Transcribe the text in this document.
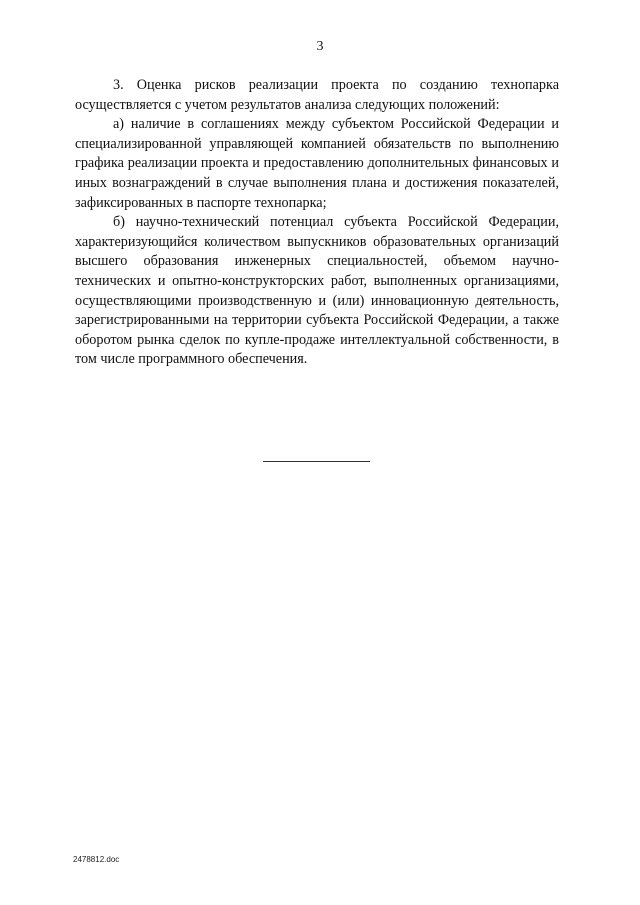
3

3. Оценка рисков реализации проекта по созданию технопарка осуществляется с учетом результатов анализа следующих положений:

а) наличие в соглашениях между субъектом Российской Федерации и специализированной управляющей компанией обязательств по выполнению графика реализации проекта и предоставлению дополнительных финансовых и иных вознаграждений в случае выполнения плана и достижения показателей, зафиксированных в паспорте технопарка;

б) научно-технический потенциал субъекта Российской Федерации, характеризующийся количеством выпускников образовательных организаций высшего образования инженерных специальностей, объемом научно-технических и опытно-конструкторских работ, выполненных организациями, осуществляющими производственную и (или) инновационную деятельность, зарегистрированными на территории субъекта Российской Федерации, а также оборотом рынка сделок по купле-продаже интеллектуальной собственности, в том числе программного обеспечения.

2478812.doc
